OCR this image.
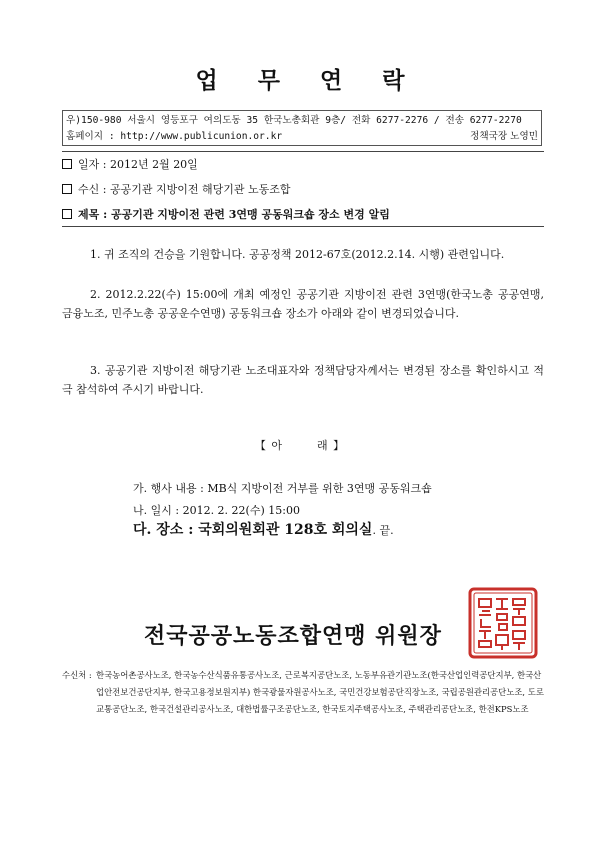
업 무 연 락
우)150-980 서울시 영등포구 여의도동 35 한국노총회관 9층/ 전화 6277-2276 / 전송 6277-2270
홈페이지 : http://www.publicunion.or.kr	정책국장 노영민
일자 : 2012년 2월 20일
수신 : 공공기관 지방이전 해당기관 노동조합
제목 : 공공기관 지방이전 관련 3연맹 공동워크숍 장소 변경 알림
1. 귀 조직의 건승을 기원합니다. 공공정책 2012-67호(2012.2.14. 시행) 관련입니다.
2. 2012.2.22(수) 15:00에 개최 예정인 공공기관 지방이전 관련 3연맹(한국노총 공공연맹, 금융노조, 민주노총 공공운수연맹) 공동워크숍 장소가 아래와 같이 변경되었습니다.
3. 공공기관 지방이전 해당기관 노조대표자와 정책담당자께서는 변경된 장소를 확인하시고 적극 참석하여 주시기 바랍니다.
【 아	래 】
가. 행사 내용 : MB식 지방이전 거부를 위한 3연맹 공동워크숍
나. 일시 : 2012. 2. 22(수) 15:00
다. 장소 : 국회의원회관 128호 회의실. 끝.
전국공공노동조합연맹 위원장
수신처 : 한국농어촌공사노조, 한국농수산식품유통공사노조, 근로복지공단노조, 노동부유관기관노조(한국산업인력공단지부, 한국산업안전보건공단지부, 한국고용정보원지부) 한국광물자원공사노조, 국민건강보험공단직장노조, 국립공원관리공단노조, 도로교통공단노조, 한국건설관리공사노조, 대한법률구조공단노조, 한국토지주택공사노조, 주택관리공단노조, 한전KPS노조
